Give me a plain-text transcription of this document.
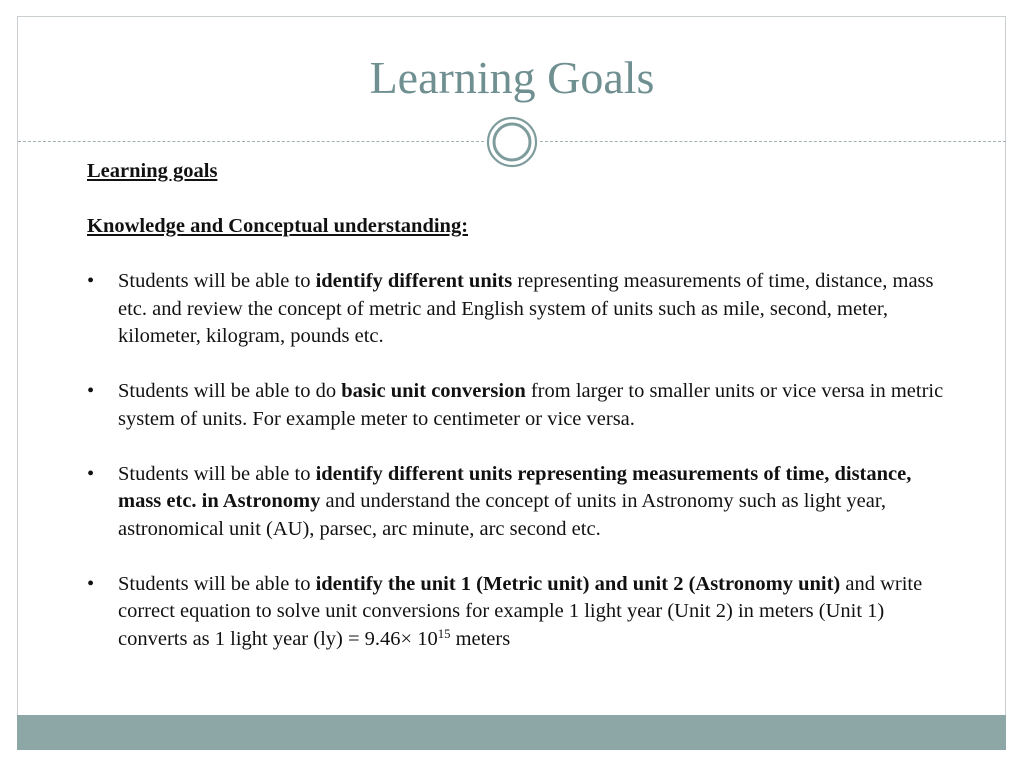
Learning Goals

Learning goals

Knowledge and Conceptual understanding:

• Students will be able to identify different units representing measurements of time, distance, mass etc. and review the concept of metric and English system of units such as mile, second, meter, kilometer, kilogram, pounds etc.
• Students will be able to do basic unit conversion from larger to smaller units or vice versa in metric system of units. For example meter to centimeter or vice versa.
• Students will be able to identify different units representing measurements of time, distance, mass etc. in Astronomy and understand the concept of units in Astronomy such as light year, astronomical unit (AU), parsec, arc minute, arc second etc.
• Students will be able to identify the unit 1 (Metric unit) and unit 2 (Astronomy unit) and write correct equation to solve unit conversions for example 1 light year (Unit 2) in meters (Unit 1) converts as 1 light year $(ly) = 9.46\times 10^{15}$ meters
